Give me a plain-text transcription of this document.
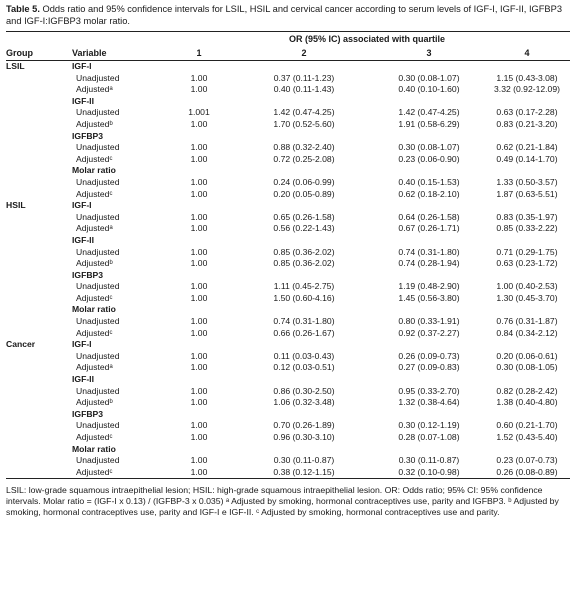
Table 5. Odds ratio and 95% confidence intervals for LSIL, HSIL and cervical cancer according to serum levels of IGF-I, IGF-II, IGFBP3 and IGF-I:IGFBP3 molar ratio.

		OR (95% IC) associated with quartile			
Group	Variable	1	2	3	4
LSIL	IGF-I				
	Unadjusted	1.00	0.37 (0.11-1.23)	0.30 (0.08-1.07)	1.15 (0.43-3.08)
	Adjustedᵃ	1.00	0.40 (0.11-1.43)	0.40 (0.10-1.60)	3.32 (0.92-12.09)
	IGF-II				
	Unadjusted	1.001	1.42 (0.47-4.25)	1.42 (0.47-4.25)	0.63 (0.17-2.28)
	Adjustedᵇ	1.00	1.70 (0.52-5.60)	1.91 (0.58-6.29)	0.83 (0.21-3.20)
	IGFBP3				
	Unadjusted	1.00	0.88 (0.32-2.40)	0.30 (0.08-1.07)	0.62 (0.21-1.84)
	Adjustedᶜ	1.00	0.72 (0.25-2.08)	0.23 (0.06-0.90)	0.49 (0.14-1.70)
	Molar ratio				
	Unadjusted	1.00	0.24 (0.06-0.99)	0.40 (0.15-1.53)	1.33 (0.50-3.57)
	Adjustedᶜ	1.00	0.20 (0.05-0.89)	0.62 (0.18-2.10)	1.87 (0.63-5.51)
HSIL	IGF-I				
	Unadjusted	1.00	0.65 (0.26-1.58)	0.64 (0.26-1.58)	0.83 (0.35-1.97)
	Adjustedᵃ	1.00	0.56 (0.22-1.43)	0.67 (0.26-1.71)	0.85 (0.33-2.22)
	IGF-II				
	Unadjusted	1.00	0.85 (0.36-2.02)	0.74 (0.31-1.80)	0.71 (0.29-1.75)
	Adjustedᵇ	1.00	0.85 (0.36-2.02)	0.74 (0.28-1.94)	0.63 (0.23-1.72)
	IGFBP3				
	Unadjusted	1.00	1.11 (0.45-2.75)	1.19 (0.48-2.90)	1.00 (0.40-2.53)
	Adjustedᶜ	1.00	1.50 (0.60-4.16)	1.45 (0.56-3.80)	1.30 (0.45-3.70)
	Molar ratio				
	Unadjusted	1.00	0.74 (0.31-1.80)	0.80 (0.33-1.91)	0.76 (0.31-1.87)
	Adjustedᶜ	1.00	0.66 (0.26-1.67)	0.92 (0.37-2.27)	0.84 (0.34-2.12)
Cancer	IGF-I				
	Unadjusted	1.00	0.11 (0.03-0.43)	0.26 (0.09-0.73)	0.20 (0.06-0.61)
	Adjustedᵃ	1.00	0.12 (0.03-0.51)	0.27 (0.09-0.83)	0.30 (0.08-1.05)
	IGF-II				
	Unadjusted	1.00	0.86 (0.30-2.50)	0.95 (0.33-2.70)	0.82 (0.28-2.42)
	Adjustedᵇ	1.00	1.06 (0.32-3.48)	1.32 (0.38-4.64)	1.38 (0.40-4.80)
	IGFBP3				
	Unadjusted	1.00	0.70 (0.26-1.89)	0.30 (0.12-1.19)	0.60 (0.21-1.70)
	Adjustedᶜ	1.00	0.96 (0.30-3.10)	0.28 (0.07-1.08)	1.52 (0.43-5.40)
	Molar ratio				
	Unadjusted	1.00	0.30 (0.11-0.87)	0.30 (0.11-0.87)	0.23 (0.07-0.73)
	Adjustedᶜ	1.00	0.38 (0.12-1.15)	0.32 (0.10-0.98)	0.26 (0.08-0.89)

LSIL: low-grade squamous intraepithelial lesion; HSIL: high-grade squamous intraepithelial lesion. OR: Odds ratio; 95% CI: 95% confidence intervals. Molar ratio = (IGF-I x 0.13) / (IGFBP-3 x 0.035) ᵃ Adjusted by smoking, hormonal contraceptives use, parity and IGFBP3. ᵇ Adjusted by smoking, hormonal contraceptives use, parity and IGF-I e IGF-II. ᶜ Adjusted by smoking, hormonal contraceptives use and parity.
